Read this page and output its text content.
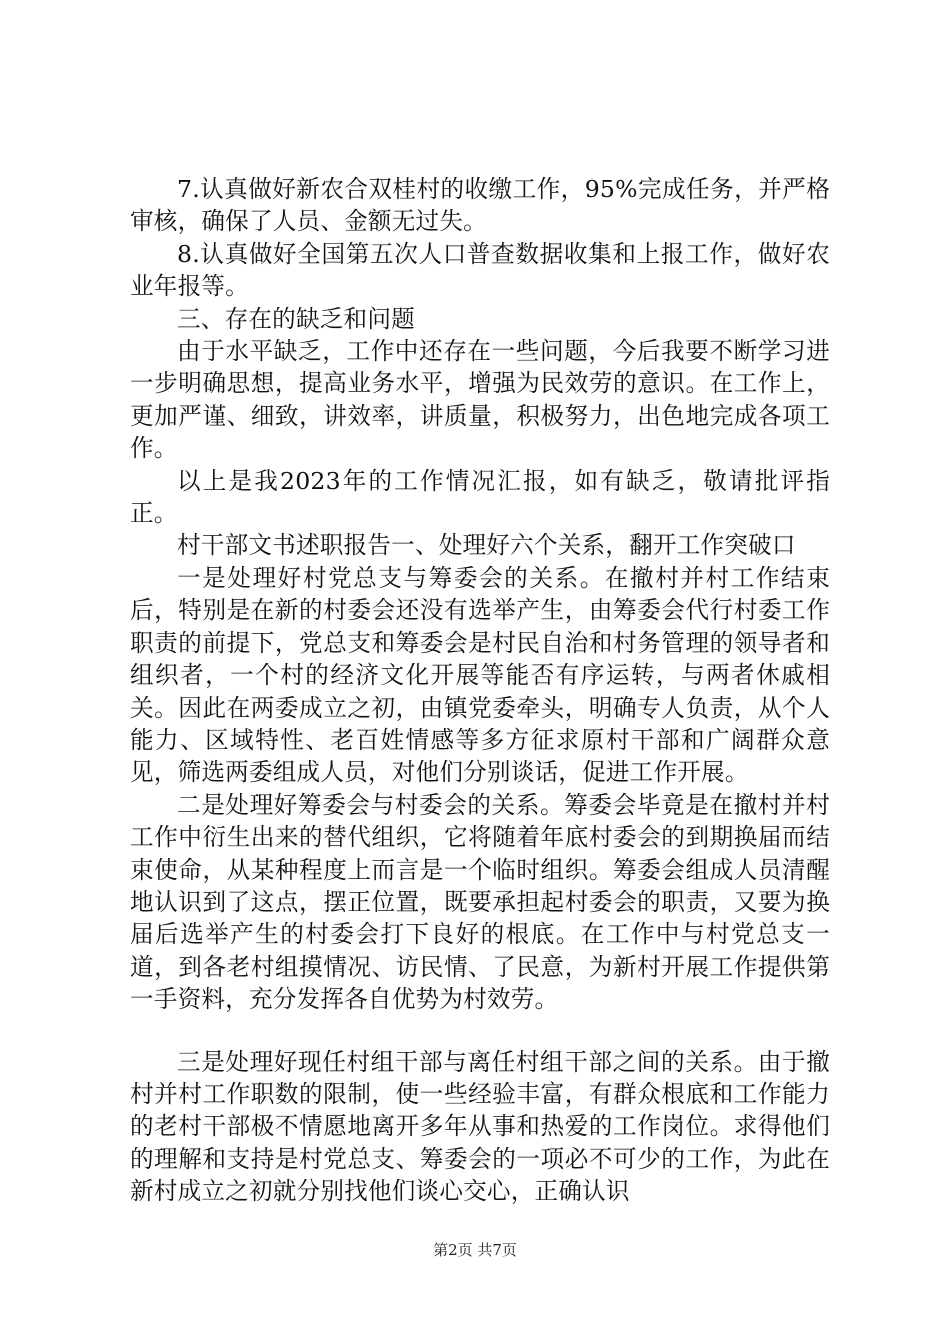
7.认真做好新农合双桂村的收缴工作，95%完成任务，并严格审核，确保了人员、金额无过失。

8.认真做好全国第五次人口普查数据收集和上报工作，做好农业年报等。

三、存在的缺乏和问题

由于水平缺乏，工作中还存在一些问题，今后我要不断学习进一步明确思想，提高业务水平，增强为民效劳的意识。在工作上，更加严谨、细致，讲效率，讲质量，积极努力，出色地完成各项工作。

以上是我2023年的工作情况汇报，如有缺乏，敬请批评指正。

村干部文书述职报告一、处理好六个关系，翻开工作突破口

一是处理好村党总支与筹委会的关系。在撤村并村工作结束后，特别是在新的村委会还没有选举产生，由筹委会代行村委工作职责的前提下，党总支和筹委会是村民自治和村务管理的领导者和组织者，一个村的经济文化开展等能否有序运转，与两者休戚相关。因此在两委成立之初，由镇党委牵头，明确专人负责，从个人能力、区域特性、老百姓情感等多方征求原村干部和广阔群众意见，筛选两委组成人员，对他们分别谈话，促进工作开展。

二是处理好筹委会与村委会的关系。筹委会毕竟是在撤村并村工作中衍生出来的替代组织，它将随着年底村委会的到期换届而结束使命，从某种程度上而言是一个临时组织。筹委会组成人员清醒地认识到了这点，摆正位置，既要承担起村委会的职责，又要为换届后选举产生的村委会打下良好的根底。在工作中与村党总支一道，到各老村组摸情况、访民情、了民意，为新村开展工作提供第一手资料，充分发挥各自优势为村效劳。

三是处理好现任村组干部与离任村组干部之间的关系。由于撤村并村工作职数的限制，使一些经验丰富，有群众根底和工作能力的老村干部极不情愿地离开多年从事和热爱的工作岗位。求得他们的理解和支持是村党总支、筹委会的一项必不可少的工作，为此在新村成立之初就分别找他们谈心交心，正确认识

第2页 共7页
